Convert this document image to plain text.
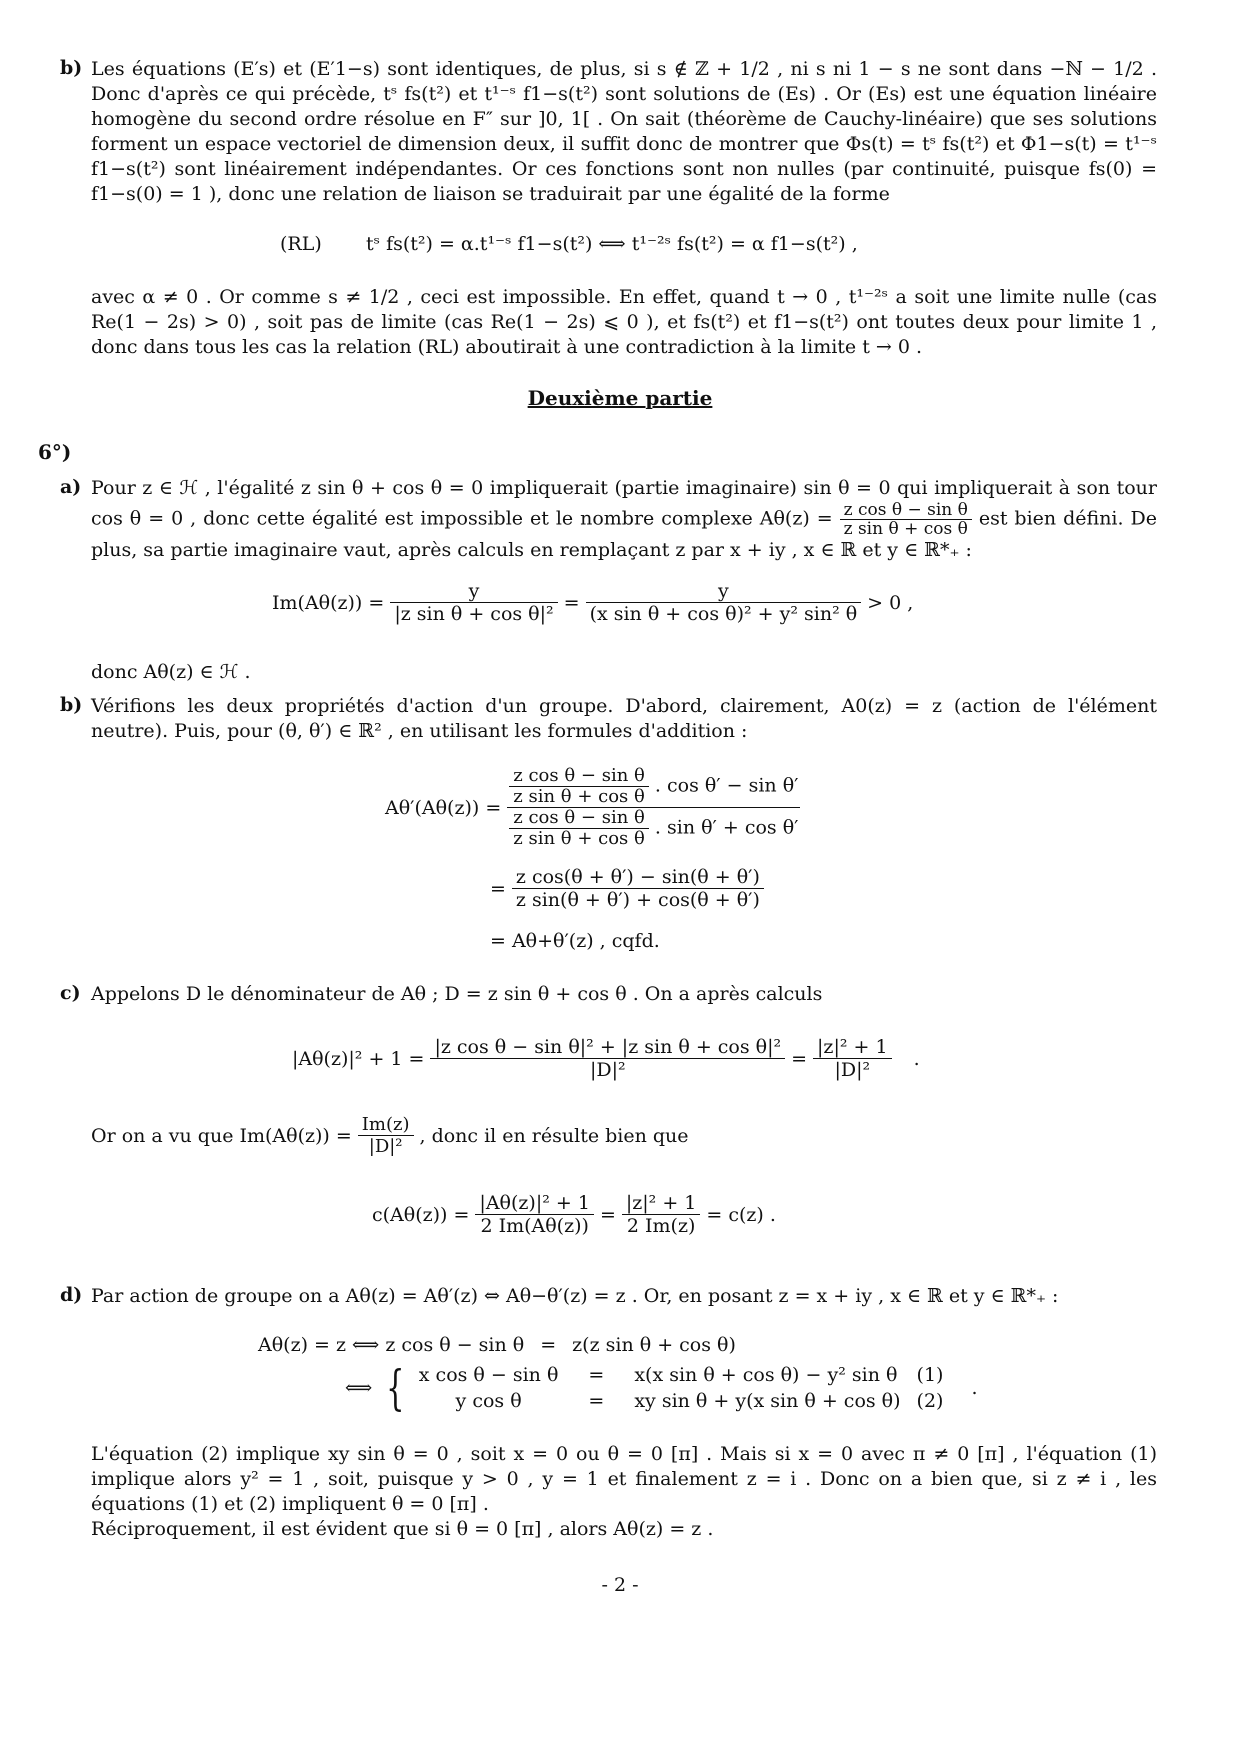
b) Les équations (E′s) et (E′1−s) sont identiques, de plus, si s ∉ ℤ + 1/2 , ni s ni 1 − s ne sont dans −ℕ − 1/2 . Donc d'après ce qui précède, tˢ fs(t²) et t¹⁻ˢ f1−s(t²) sont solutions de (Es) . Or (Es) est une équation linéaire homogène du second ordre résolue en F″ sur ]0, 1[ . On sait (théorème de Cauchy-linéaire) que ses solutions forment un espace vectoriel de dimension deux, il suffit donc de montrer que Φs(t) = tˢ fs(t²) et Φ1−s(t) = t¹⁻ˢ f1−s(t²) sont linéairement indépendantes. Or ces fonctions sont non nulles (par continuité, puisque fs(0) = f1−s(0) = 1 ), donc une relation de liaison se traduirait par une égalité de la forme
(RL) tˢ fs(t²) = α.t¹⁻ˢ f1−s(t²) ⟺ t¹⁻²ˢ fs(t²) = α f1−s(t²) ,
avec α ≠ 0 . Or comme s ≠ 1/2 , ceci est impossible. En effet, quand t → 0 , t¹⁻²ˢ a soit une limite nulle (cas Re(1 − 2s) > 0) , soit pas de limite (cas Re(1 − 2s) ⩽ 0 ), et fs(t²) et f1−s(t²) ont toutes deux pour limite 1 , donc dans tous les cas la relation (RL) aboutirait à une contradiction à la limite t → 0 .
Deuxième partie
6°)
a) Pour z ∈ ℋ , l'égalité z sin θ + cos θ = 0 impliquerait (partie imaginaire) sin θ = 0 qui impliquerait à son tour cos θ = 0 , donc cette égalité est impossible et le nombre complexe $A\theta(z) = \frac{\text{z cos θ − sin θ}}{\text{z sin θ + cos θ}}$ est bien défini. De plus, sa partie imaginaire vaut, après calculs en remplaçant z par x + iy , x ∈ ℝ et y ∈ ℝ*₊ :
$Im(A\theta(z)) = \frac{y}{\text{|z sin θ + cos θ|²}} = \frac{y}{\text{(x sin θ + cos θ)² + y² sin² θ}} > 0$ ,
donc Aθ(z) ∈ ℋ .
b) Vérifions les deux propriétés d'action d'un groupe. D'abord, clairement, A0(z) = z (action de l'élément neutre). Puis, pour (θ, θ′) ∈ ℝ² , en utilisant les formules d'addition :
Aθ′(Aθ(z)) =
$\frac{\text{z cos θ − sin θ}}{\text{z sin θ + cos θ}}$ . cos θ′ − sin θ′
$\frac{\text{z cos θ − sin θ}}{\text{z sin θ + cos θ}}$ . sin θ′ + cos θ′
= $\frac{\text{z cos(θ + θ′) − sin(θ + θ′)}}{\text{z sin(θ + θ′) + cos(θ + θ′)}}$
= Aθ+θ′(z) , cqfd.
c) Appelons D le dénominateur de Aθ ; D = z sin θ + cos θ . On a après calculs
$|A\theta(z)|^2 + 1 = \frac{\text{|z cos θ − sin θ|² + |z sin θ + cos θ|²}}{\text{|D|²}} = \frac{\text{|z|² + 1}}{\text{|D|²}}$ .
Or on a vu que $Im(A\theta(z)) = \frac{Im(z)}{\text{|D|²}}$ , donc il en résulte bien que
$c(A\theta(z)) = \frac{\text{|Aθ(z)|² + 1}}{2 Im(A\theta(z))} = \frac{\text{|z|² + 1}}{2 Im(z)} = c(z)$ .
d) Par action de groupe on a Aθ(z) = Aθ′(z) ⇔ Aθ−θ′(z) = z . Or, en posant z = x + iy , x ∈ ℝ et y ∈ ℝ*₊ :
Aθ(z) = z ⟺ z cos θ − sin θ	=	z(z sin θ + cos θ)	
⟺ { x cos θ − sin θ	=	x(x sin θ + cos θ) − y² sin θ	(1)
y cos θ	=	xy sin θ + y(x sin θ + cos θ)	(2)
.
L'équation (2) implique xy sin θ = 0 , soit x = 0 ou θ = 0 [π] . Mais si x = 0 avec π ≠ 0 [π] , l'équation (1) implique alors y² = 1 , soit, puisque y > 0 , y = 1 et finalement z = i . Donc on a bien que, si z ≠ i , les équations (1) et (2) impliquent θ = 0 [π] .
Réciproquement, il est évident que si θ = 0 [π] , alors Aθ(z) = z .
- 2 -
